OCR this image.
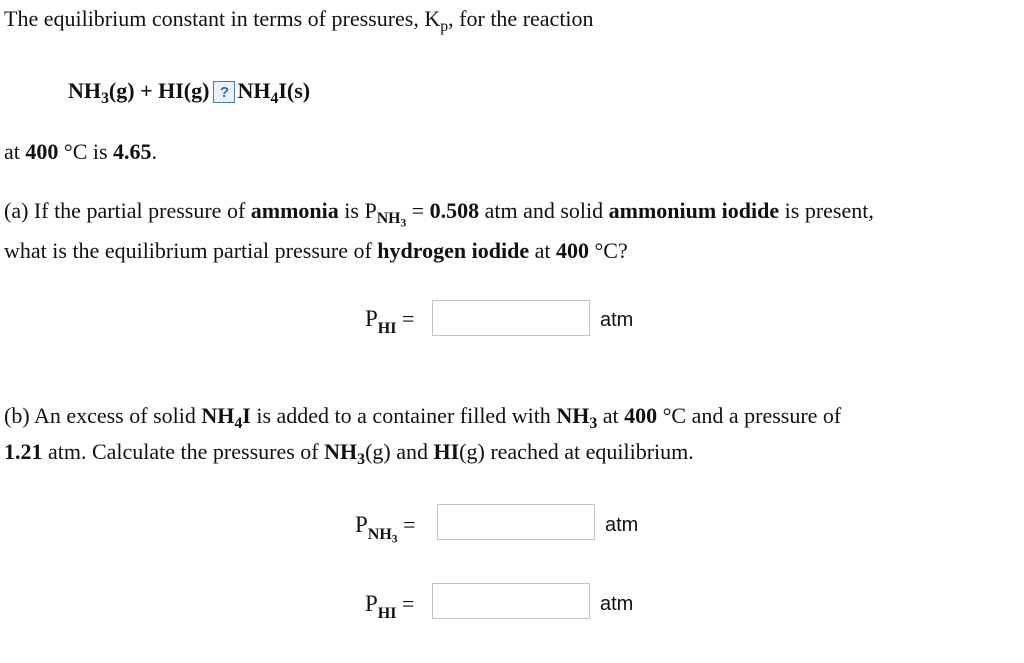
The equilibrium constant in terms of pressures, $K_p$, for the reaction
$NH_3(g) + HI(g)$ ? $NH_4I(s)$
at 400 °C is 4.65.
(a) If the partial pressure of ammonia is $P_{NH_3} = 0.508$ atm and solid ammonium iodide is present,
what is the equilibrium partial pressure of hydrogen iodide at 400 °C?
$P_{HI}$ =	atm
(b) An excess of solid $NH_4I$ is added to a container filled with $NH_3$ at 400 °C and a pressure of
1.21 atm. Calculate the pressures of $NH_3(g)$ and HI(g) reached at equilibrium.
$P_{NH_3}$ =	atm
$P_{HI}$ =	atm
